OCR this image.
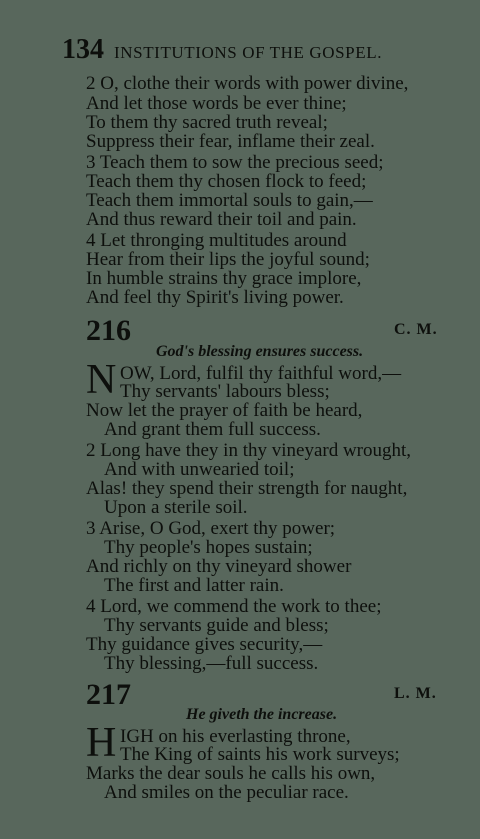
134 INSTITUTIONS OF THE GOSPEL.
2 O, clothe their words with power divine,
And let those words be ever thine;
To them thy sacred truth reveal;
Suppress their fear, inflame their zeal.
3 Teach them to sow the precious seed;
Teach them thy chosen flock to feed;
Teach them immortal souls to gain,—
And thus reward their toil and pain.
4 Let thronging multitudes around
Hear from their lips the joyful sound;
In humble strains thy grace implore,
And feel thy Spirit's living power.
216	C. M.
God's blessing ensures success.
N OW, Lord, fulfil thy faithful word,—
Thy servants' labours bless;
Now let the prayer of faith be heard,
And grant them full success.
2 Long have they in thy vineyard wrought,
And with unwearied toil;
Alas! they spend their strength for naught,
Upon a sterile soil.
3 Arise, O God, exert thy power;
Thy people's hopes sustain;
And richly on thy vineyard shower
The first and latter rain.
4 Lord, we commend the work to thee;
Thy servants guide and bless;
Thy guidance gives security,—
Thy blessing,—full success.
217	L. M.
He giveth the increase.
H IGH on his everlasting throne,
The King of saints his work surveys;
Marks the dear souls he calls his own,
And smiles on the peculiar race.
